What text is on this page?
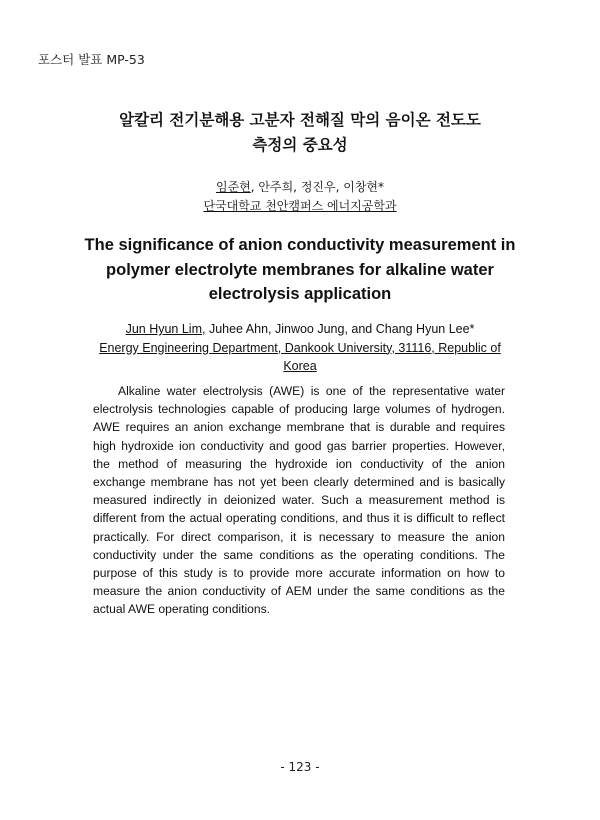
포스터 발표 MP-53
알칼리 전기분해용 고분자 전해질 막의 음이온 전도도
측정의 중요성
임준현, 안주희, 정진우, 이창현*
단국대학교 천안캠퍼스 에너지공학과
The significance of anion conductivity measurement in
polymer electrolyte membranes for alkaline water
electrolysis application
Jun Hyun Lim, Juhee Ahn, Jinwoo Jung, and Chang Hyun Lee*
Energy Engineering Department, Dankook University, 31116, Republic of Korea

Alkaline water electrolysis (AWE) is one of the representative water electrolysis technologies capable of producing large volumes of hydrogen. AWE requires an anion exchange membrane that is durable and requires high hydroxide ion conductivity and good gas barrier properties. However, the method of measuring the hydroxide ion conductivity of the anion exchange membrane has not yet been clearly determined and is basically measured indirectly in deionized water. Such a measurement method is different from the actual operating conditions, and thus it is difficult to reflect practically. For direct comparison, it is necessary to measure the anion conductivity under the same conditions as the operating conditions. The purpose of this study is to provide more accurate information on how to measure the anion conductivity of AEM under the same conditions as the actual AWE operating conditions.

- 123 -
